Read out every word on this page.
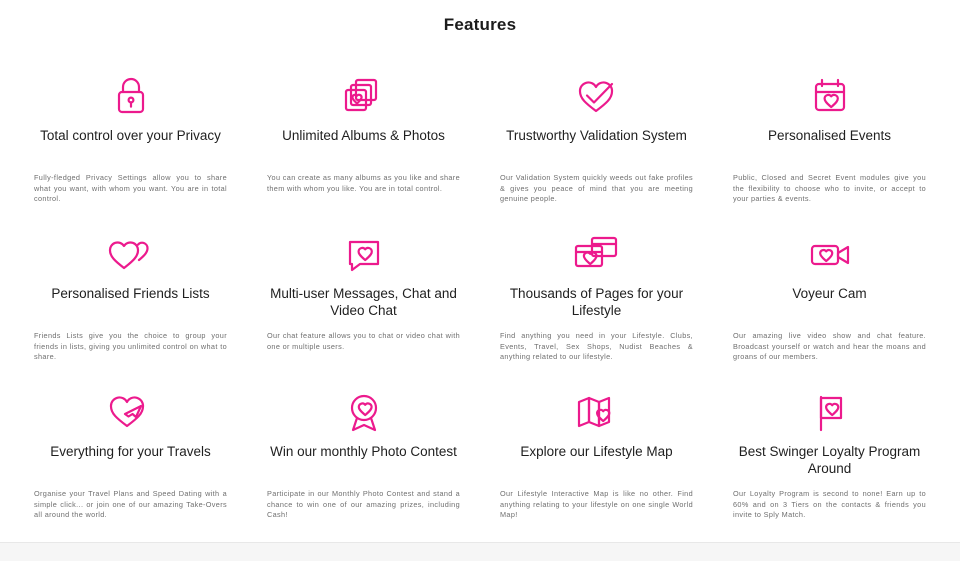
Features
Total control over your Privacy
Fully-fledged Privacy Settings allow you to share what you want, with whom you want. You are in total control.
Unlimited Albums & Photos
You can create as many albums as you like and share them with whom you like. You are in total control.
Trustworthy Validation System
Our Validation System quickly weeds out fake profiles & gives you peace of mind that you are meeting genuine people.
Personalised Events
Public, Closed and Secret Event modules give you the flexibility to choose who to invite, or accept to your parties & events.
Personalised Friends Lists
Friends Lists give you the choice to group your friends in lists, giving you unlimited control on what to share.
Multi-user Messages, Chat and Video Chat
Our chat feature allows you to chat or video chat with one or multiple users.
Thousands of Pages for your Lifestyle
Find anything you need in your Lifestyle. Clubs, Events, Travel, Sex Shops, Nudist Beaches & anything related to our lifestyle.
Voyeur Cam
Our amazing live video show and chat feature. Broadcast yourself or watch and hear the moans and groans of our members.
Everything for your Travels
Organise your Travel Plans and Speed Dating with a simple click... or join one of our amazing Take-Overs all around the world.
Win our monthly Photo Contest
Participate in our Monthly Photo Contest and stand a chance to win one of our amazing prizes, including Cash!
Explore our Lifestyle Map
Our Lifestyle Interactive Map is like no other. Find anything relating to your lifestyle on one single World Map!
Best Swinger Loyalty Program Around
Our Loyalty Program is second to none! Earn up to 60% and on 3 Tiers on the contacts & friends you invite to Sply Match.
